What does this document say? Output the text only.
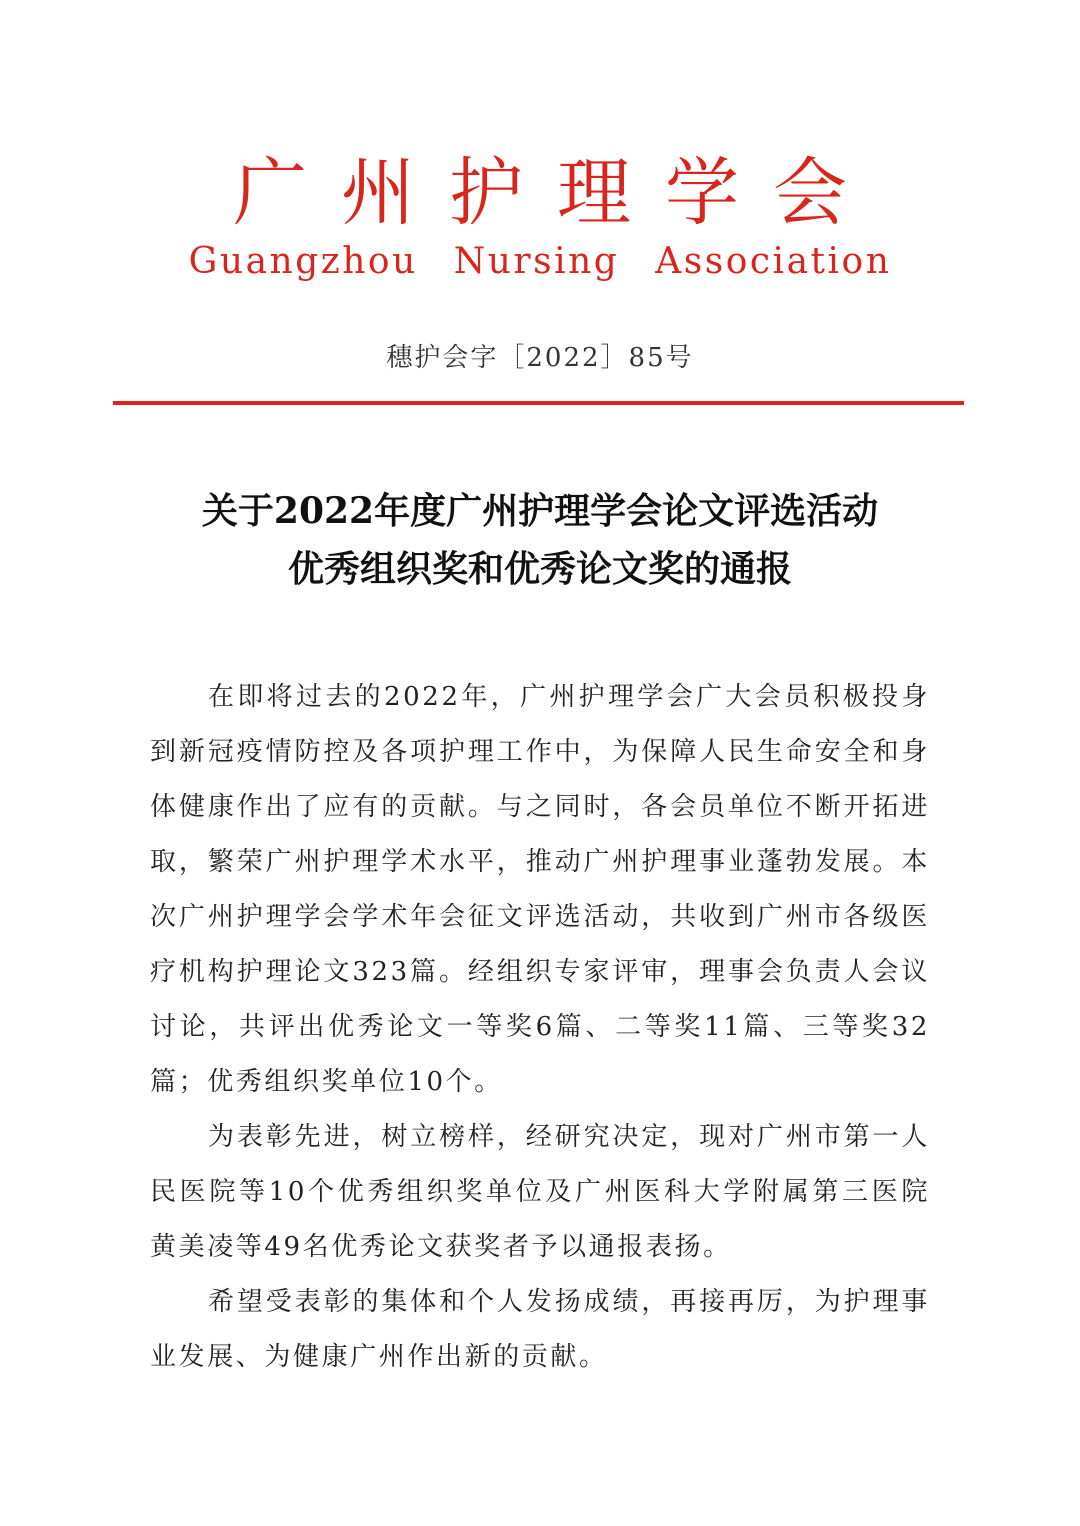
广州护理学会
Guangzhou Nursing Association
穗护会字［2022］85号
关于2022年度广州护理学会论文评选活动
优秀组织奖和优秀论文奖的通报

在即将过去的2022年，广州护理学会广大会员积极投身到新冠疫情防控及各项护理工作中，为保障人民生命安全和身体健康作出了应有的贡献。与之同时，各会员单位不断开拓进取，繁荣广州护理学术水平，推动广州护理事业蓬勃发展。本次广州护理学会学术年会征文评选活动，共收到广州市各级医疗机构护理论文323篇。经组织专家评审，理事会负责人会议讨论，共评出优秀论文一等奖6篇、二等奖11篇、三等奖32篇；优秀组织奖单位10个。

为表彰先进，树立榜样，经研究决定，现对广州市第一人民医院等10个优秀组织奖单位及广州医科大学附属第三医院黄美凌等49名优秀论文获奖者予以通报表扬。

希望受表彰的集体和个人发扬成绩，再接再厉，为护理事业发展、为健康广州作出新的贡献。
